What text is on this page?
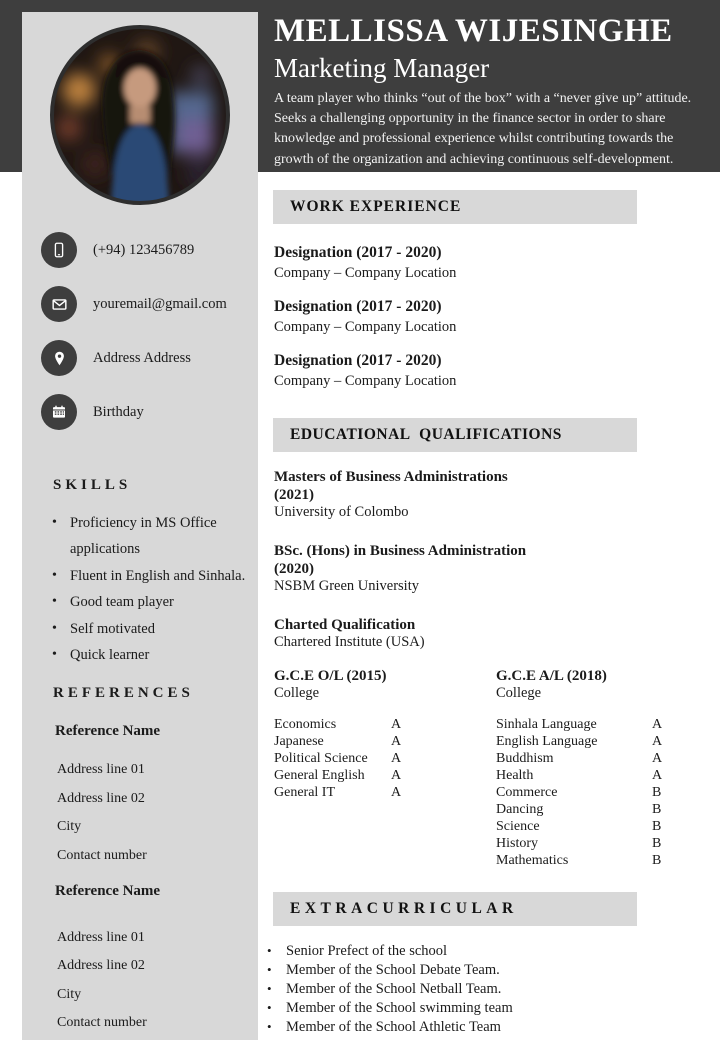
MELLISSA WIJESINGHE
Marketing Manager
A team player who thinks “out of the box” with a “never give up” attitude. Seeks a challenging opportunity in the finance sector in order to share knowledge and professional experience whilst contributing towards the growth of the organization and achieving continuous self-development.
(+94) 123456789
youremail@gmail.com
Address Address
Birthday
SKILLS
• Proficiency in MS Office applications
• Fluent in English and Sinhala.
• Good team player
• Self motivated
• Quick learner
REFERENCES
Reference Name
Address line 01
Address line 02
City
Contact number
Reference Name
Address line 01
Address line 02
City
Contact number
WORK EXPERIENCE
Designation (2017 - 2020)
Company – Company Location
Designation (2017 - 2020)
Company – Company Location
Designation (2017 - 2020)
Company – Company Location
EDUCATIONAL QUALIFICATIONS
Masters of Business Administrations
(2021)
University of Colombo
BSc. (Hons) in Business Administration
(2020)
NSBM Green University
Charted Qualification
Chartered Institute (USA)
G.C.E O/L (2015)
College
Economics	A
Japanese	A
Political Science A
General English A
General IT	A
G.C.E A/L (2018)
College
Sinhala Language	A
English Language	A
Buddhism	A
Health	A
Commerce	B
Dancing	B
Science	B
History	B
Mathematics	B
EXTRACURRICULAR
• Senior Prefect of the school
• Member of the School Debate Team.
• Member of the School Netball Team.
• Member of the School swimming team
• Member of the School Athletic Team
